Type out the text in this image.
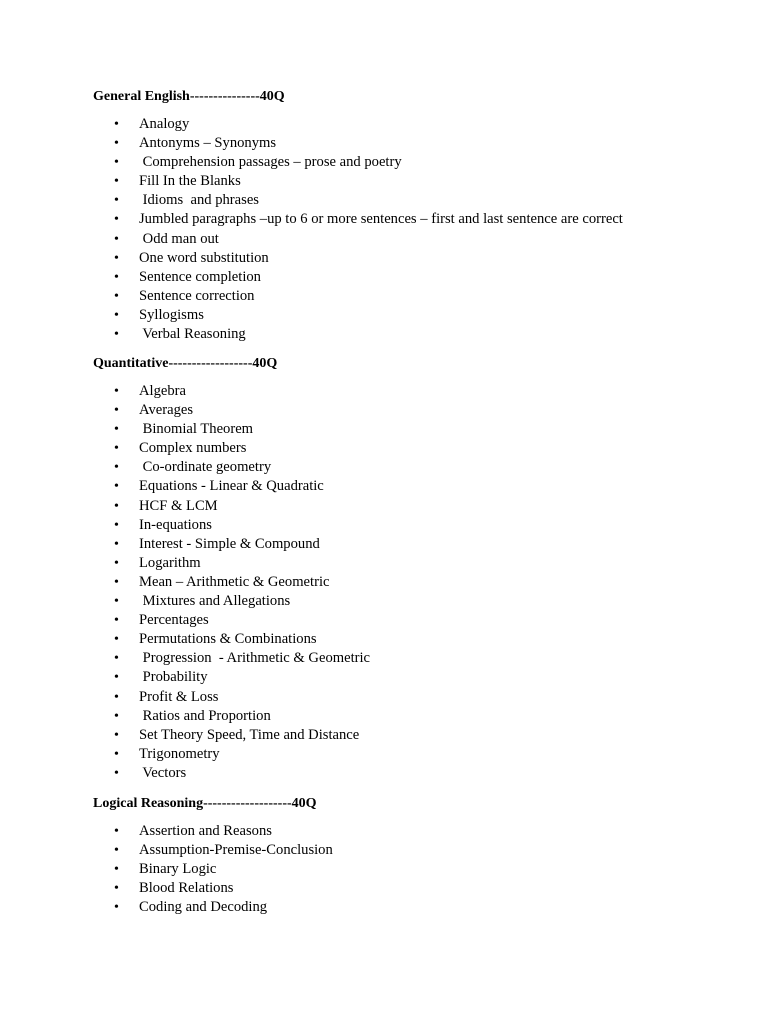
General English---------------40Q
• Analogy
• Antonyms – Synonyms
• Comprehension passages – prose and poetry
• Fill In the Blanks
• Idioms  and phrases
• Jumbled paragraphs –up to 6 or more sentences – first and last sentence are correct
• Odd man out
• One word substitution
• Sentence completion
• Sentence correction
• Syllogisms
• Verbal Reasoning
Quantitative------------------40Q
• Algebra
• Averages
• Binomial Theorem
• Complex numbers
• Co-ordinate geometry
• Equations - Linear & Quadratic
• HCF & LCM
• In-equations
• Interest - Simple & Compound
• Logarithm
• Mean – Arithmetic & Geometric
• Mixtures and Allegations
• Percentages
• Permutations & Combinations
• Progression  - Arithmetic & Geometric
• Probability
• Profit & Loss
• Ratios and Proportion
• Set Theory Speed, Time and Distance
• Trigonometry
• Vectors
Logical Reasoning-------------------40Q
• Assertion and Reasons
• Assumption-Premise-Conclusion
• Binary Logic
• Blood Relations
• Coding and Decoding
